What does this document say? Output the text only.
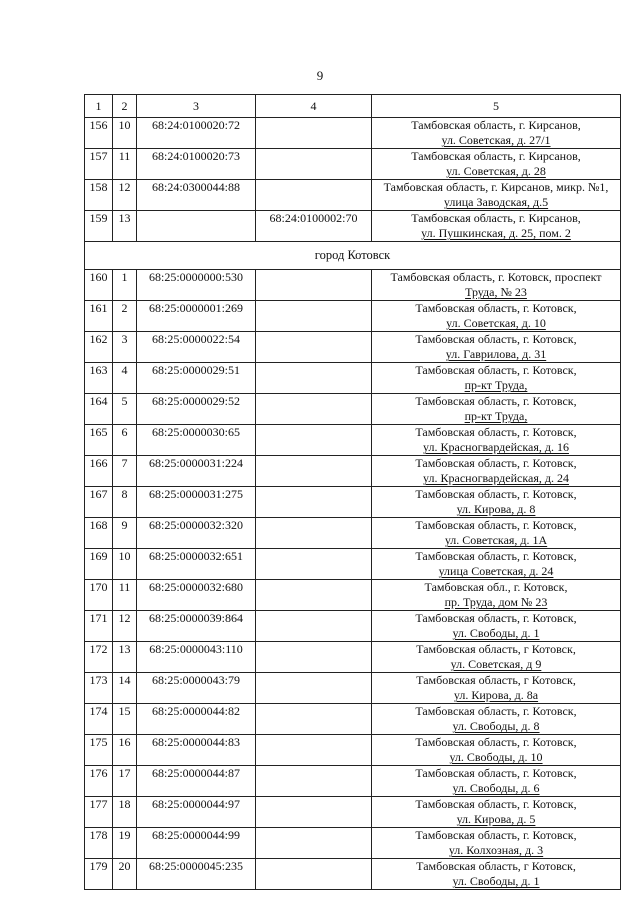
9
1	2	3	4	5
156	10	68:24:0100020:72		Тамбовская область, г. Кирсанов,
ул. Советская, д. 27/1

157	11	68:24:0100020:73		Тамбовская область, г. Кирсанов,
ул. Советская, д. 28

158	12	68:24:0300044:88		Тамбовская область, г. Кирсанов, микр. №1,
улица Заводская, д.5

159	13		68:24:0100002:70	Тамбовская область, г. Кирсанов,
ул. Пушкинская, д. 25, пом. 2

город Котовск				
160	1	68:25:0000000:530		Тамбовская область, г. Котовск, проспект
Труда, № 23

161	2	68:25:0000001:269		Тамбовская область, г. Котовск,
ул. Советская, д. 10

162	3	68:25:0000022:54		Тамбовская область, г. Котовск,
ул. Гаврилова, д. 31

163	4	68:25:0000029:51		Тамбовская область, г. Котовск,
пр-кт Труда,

164	5	68:25:0000029:52		Тамбовская область, г. Котовск,
пр-кт Труда,

165	6	68:25:0000030:65		Тамбовская область, г. Котовск,
ул. Красногвардейская, д. 16

166	7	68:25:0000031:224		Тамбовская область, г. Котовск,
ул. Красногвардейская, д. 24

167	8	68:25:0000031:275		Тамбовская область, г. Котовск,
ул. Кирова, д. 8

168	9	68:25:0000032:320		Тамбовская область, г. Котовск,
ул. Советская, д. 1А

169	10	68:25:0000032:651		Тамбовская область, г. Котовск,
улица Советская, д. 24

170	11	68:25:0000032:680		Тамбовская обл., г. Котовск,
пр. Труда, дом № 23

171	12	68:25:0000039:864		Тамбовская область, г. Котовск,
ул. Свободы, д. 1

172	13	68:25:0000043:110		Тамбовская область, г Котовск,
ул. Советская, д 9

173	14	68:25:0000043:79		Тамбовская область, г Котовск,
ул. Кирова, д. 8а

174	15	68:25:0000044:82		Тамбовская область, г. Котовск,
ул. Свободы, д. 8

175	16	68:25:0000044:83		Тамбовская область, г. Котовск,
ул. Свободы, д. 10

176	17	68:25:0000044:87		Тамбовская область, г. Котовск,
ул. Свободы, д. 6

177	18	68:25:0000044:97		Тамбовская область, г. Котовск,
ул. Кирова, д. 5

178	19	68:25:0000044:99		Тамбовская область, г. Котовск,
ул. Колхозная, д. 3

179	20	68:25:0000045:235		Тамбовская область, г Котовск,
ул. Свободы, д. 1
